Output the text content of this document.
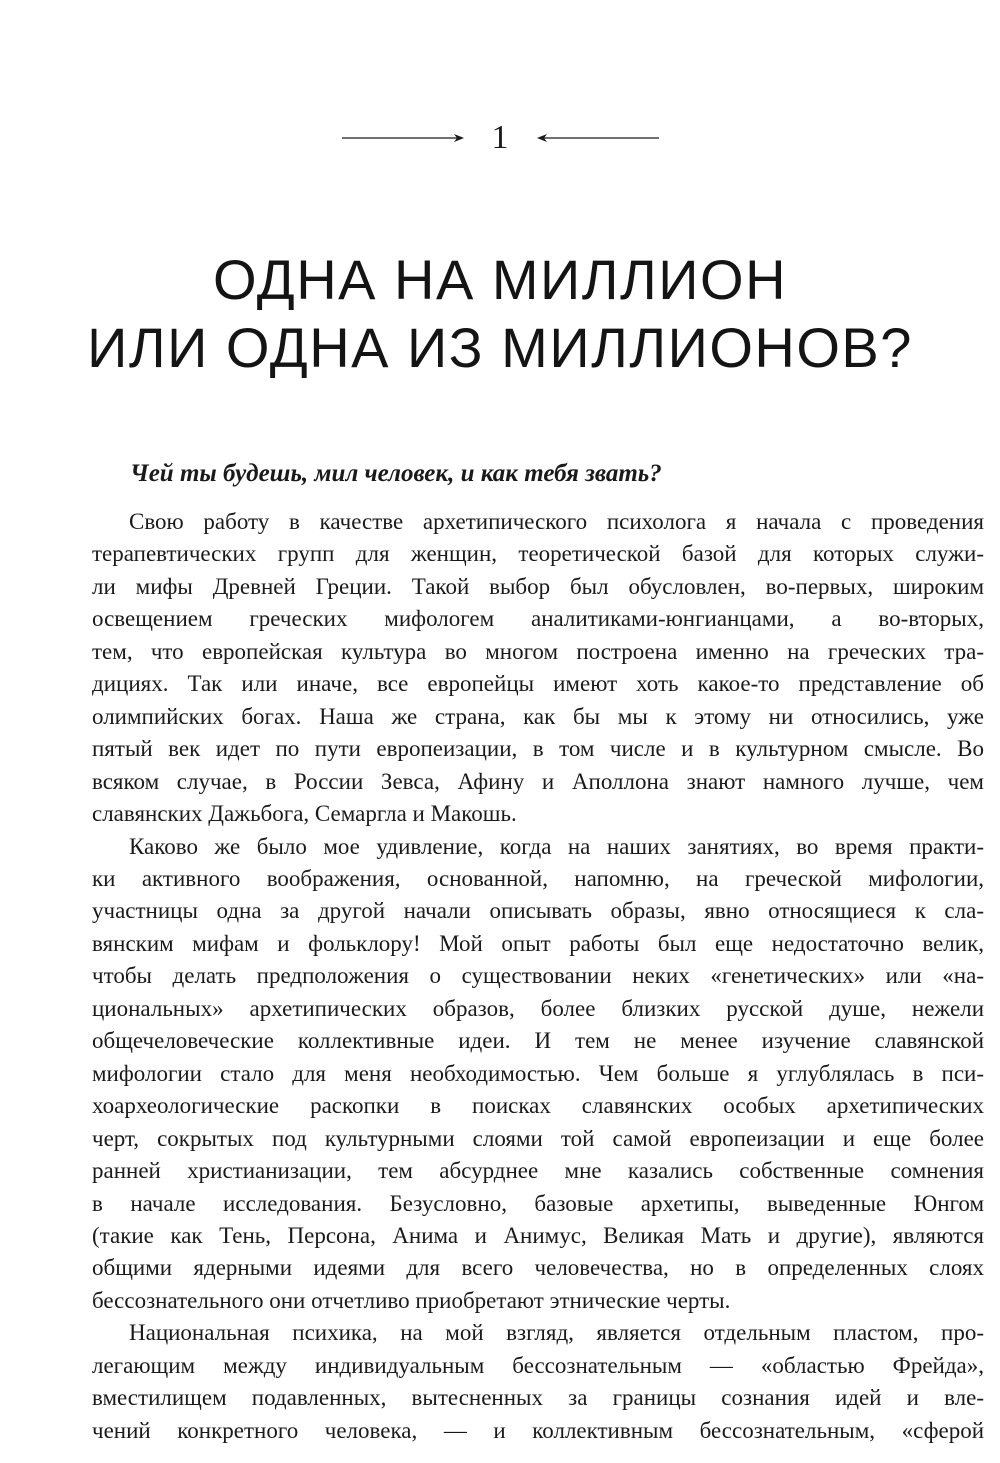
1
ОДНА НА МИЛЛИОН
ИЛИ ОДНА ИЗ МИЛЛИОНОВ?
Чей ты будешь, мил человек, и как тебя звать?

Свою работу в качестве архетипического психолога я начала с проведения
терапевтических групп для женщин, теоретической базой для которых служи-
ли мифы Древней Греции. Такой выбор был обусловлен, во-первых, широким
освещением греческих мифологем аналитиками-юнгианцами, а во-вторых,
тем, что европейская культура во многом построена именно на греческих тра-
дициях. Так или иначе, все европейцы имеют хоть какое-то представление об
олимпийских богах. Наша же страна, как бы мы к этому ни относились, уже
пятый век идет по пути европеизации, в том числе и в культурном смысле. Во
всяком случае, в России Зевса, Афину и Аполлона знают намного лучше, чем
славянских Дажьбога, Семаргла и Макошь.

Каково же было мое удивление, когда на наших занятиях, во время практи-
ки активного воображения, основанной, напомню, на греческой мифологии,
участницы одна за другой начали описывать образы, явно относящиеся к сла-
вянским мифам и фольклору! Мой опыт работы был еще недостаточно велик,
чтобы делать предположения о существовании неких «генетических» или «на-
циональных» архетипических образов, более близких русской душе, нежели
общечеловеческие коллективные идеи. И тем не менее изучение славянской
мифологии стало для меня необходимостью. Чем больше я углублялась в пси-
хоархеологические раскопки в поисках славянских особых архетипических
черт, сокрытых под культурными слоями той самой европеизации и еще более
ранней христианизации, тем абсурднее мне казались собственные сомнения
в начале исследования. Безусловно, базовые архетипы, выведенные Юнгом
(такие как Тень, Персона, Анима и Анимус, Великая Мать и другие), являются
общими ядерными идеями для всего человечества, но в определенных слоях
бессознательного они отчетливо приобретают этнические черты.

Национальная психика, на мой взгляд, является отдельным пластом, про-
легающим между индивидуальным бессознательным — «областью Фрейда»,
вместилищем подавленных, вытесненных за границы сознания идей и вле-
чений конкретного человека, — и коллективным бессознательным, «сферой
